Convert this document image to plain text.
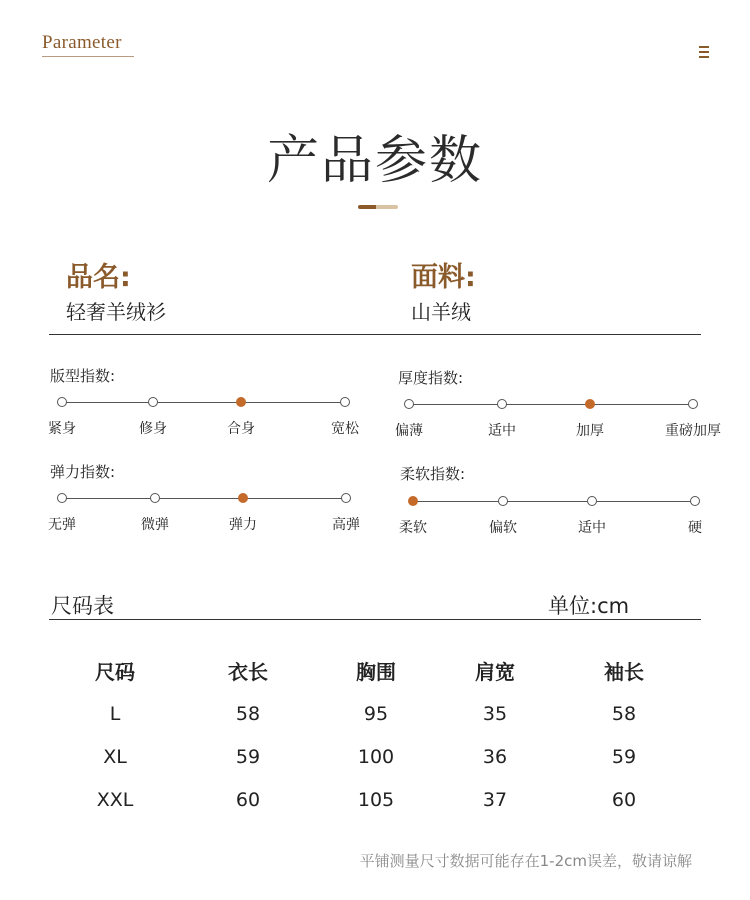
Parameter
产品参数
品名:
轻奢羊绒衫
面料:
山羊绒
版型指数:
紧身	修身	合身	宽松
厚度指数:
偏薄	适中	加厚	重磅加厚
弹力指数:
无弹	微弹	弹力	高弹
柔软指数:
柔软	偏软	适中	硬
尺码表	单位:cm
尺码	衣长	胸围	肩宽	袖长
L	58	95	35	58
XL	59	100	36	59
XXL	60	105	37	60
平铺测量尺寸数据可能存在1-2cm误差，敬请谅解
